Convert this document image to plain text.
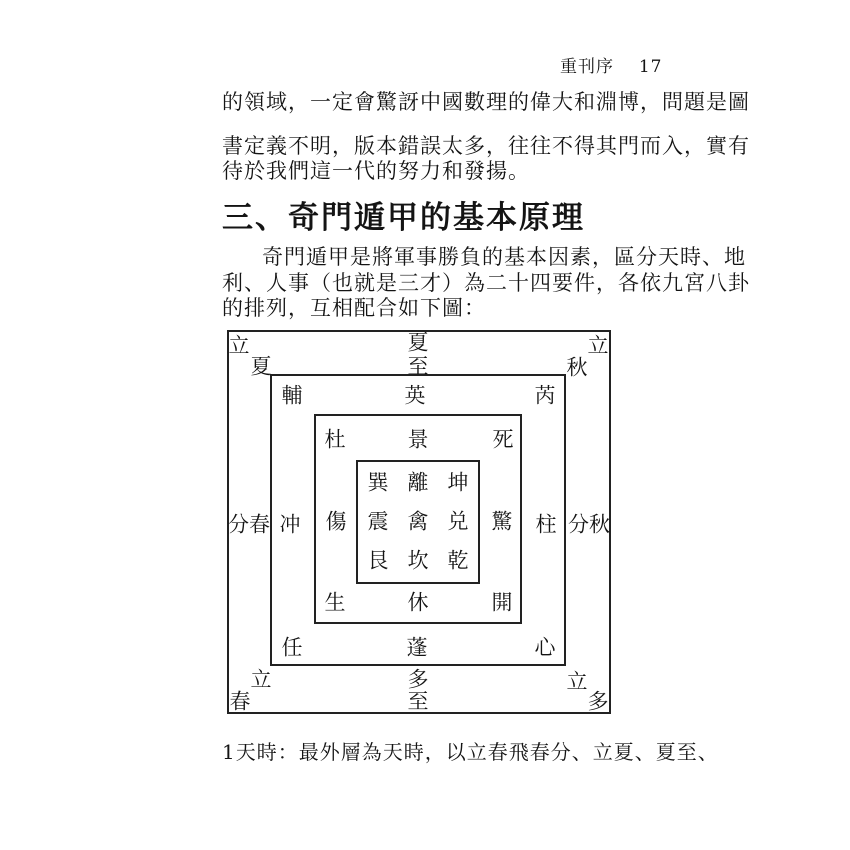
重刊序 17
的領域，一定會驚訝中國數理的偉大和淵博，問題是圖
書定義不明，版本錯誤太多，往往不得其門而入，實有
待於我們這一代的努力和發揚。
三、奇門遁甲的基本原理
奇門遁甲是將軍事勝負的基本因素，區分天時、地
利、人事（也就是三才）為二十四要件，各依九宮八卦
的排列，互相配合如下圖：
立
夏
夏
至
立
秋
分春	分秋
立
春
多
至
立
多
輔	英	芮
冲	柱
任	蓬	心
杜	景	死
傷	驚
生	休	開
巽 離 坤
震 禽 兑
艮 坎 乾
1天時：最外層為天時，以立春飛春分、立夏、夏至、
